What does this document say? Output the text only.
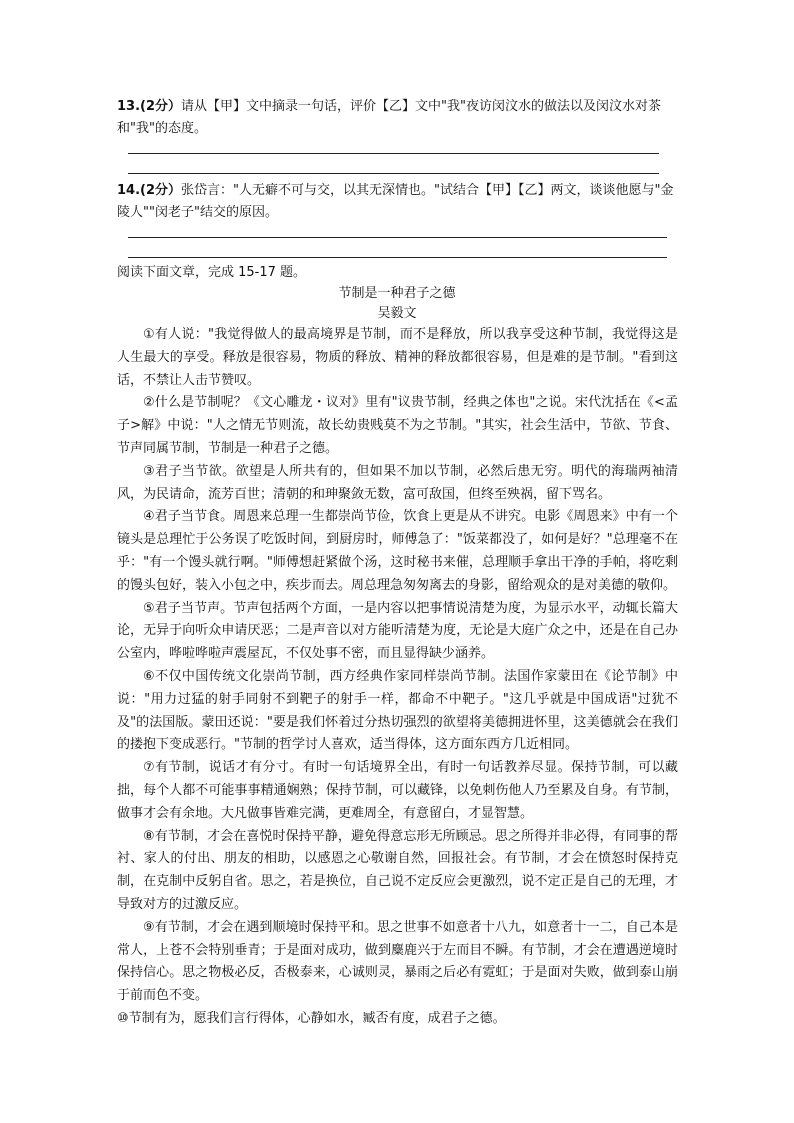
13.(2分）请从【甲】文中摘录一句话，评价【乙】文中"我"夜访闵汶水的做法以及闵汶水对茶和"我"的态度。
14.(2分）张岱言："人无癖不可与交，以其无深情也。"试结合【甲】【乙】两文，谈谈他愿与"金陵人""闵老子"结交的原因。
阅读下面文章，完成 15-17 题。
节制是一种君子之德
吴毅文

①有人说："我觉得做人的最高境界是节制，而不是释放，所以我享受这种节制，我觉得这是人生最大的享受。释放是很容易，物质的释放、精神的释放都很容易，但是难的是节制。"看到这话，不禁让人击节赞叹。

②什么是节制呢？《文心雕龙・议对》里有"议贵节制，经典之体也"之说。宋代沈括在《<孟子>解》中说："人之情无节则流，故长幼贵贱莫不为之节制。"其实，社会生活中，节欲、节食、节声同属节制，节制是一种君子之德。

③君子当节欲。欲望是人所共有的，但如果不加以节制，必然后患无穷。明代的海瑞两袖清风，为民请命，流芳百世；清朝的和珅聚敛无数，富可敌国，但终至殃祸，留下骂名。

④君子当节食。周恩来总理一生都崇尚节俭，饮食上更是从不讲究。电影《周恩来》中有一个镜头是总理忙于公务误了吃饭时间，到厨房时，师傅急了："饭菜都没了，如何是好？"总理毫不在乎："有一个馒头就行啊。"师傅想赶紧做个汤，这时秘书来催，总理顺手拿出干净的手帕，将吃剩的馒头包好，装入小包之中，疾步而去。周总理急匆匆离去的身影，留给观众的是对美德的敬仰。

⑤君子当节声。节声包括两个方面，一是内容以把事情说清楚为度，为显示水平，动辄长篇大论，无异于向听众申请厌恶；二是声音以对方能听清楚为度，无论是大庭广众之中，还是在自己办公室内，哗啦哗啦声震屋瓦，不仅处事不密，而且显得缺少涵养。

⑥不仅中国传统文化崇尚节制，西方经典作家同样崇尚节制。法国作家蒙田在《论节制》中说："用力过猛的射手同射不到靶子的射手一样，都命不中靶子。"这几乎就是中国成语"过犹不及"的法国版。蒙田还说："要是我们怀着过分热切强烈的欲望将美德拥进怀里，这美德就会在我们的搂抱下变成恶行。"节制的哲学讨人喜欢，适当得体，这方面东西方几近相同。

⑦有节制，说话才有分寸。有时一句话境界全出，有时一句话教养尽显。保持节制，可以藏拙，每个人都不可能事事精通娴熟；保持节制，可以藏锋，以免刺伤他人乃至累及自身。有节制，做事才会有余地。大凡做事皆难完满，更难周全，有意留白，才显智慧。

⑧有节制，才会在喜悦时保持平静，避免得意忘形无所顾忌。思之所得并非必得，有同事的帮衬、家人的付出、朋友的相助，以感恩之心敬谢自然，回报社会。有节制，才会在愤怒时保持克制，在克制中反躬自省。思之，若是换位，自己说不定反应会更激烈，说不定正是自己的无理，才导致对方的过激反应。

⑨有节制，才会在遇到顺境时保持平和。思之世事不如意者十八九，如意者十一二，自己本是常人，上苍不会特别垂青；于是面对成功，做到麋鹿兴于左而目不瞬。有节制，才会在遭遇逆境时保持信心。思之物极必反，否极泰来，心诚则灵，暴雨之后必有霓虹；于是面对失败，做到泰山崩于前而色不变。

⑩节制有为，愿我们言行得体，心静如水，臧否有度，成君子之德。
